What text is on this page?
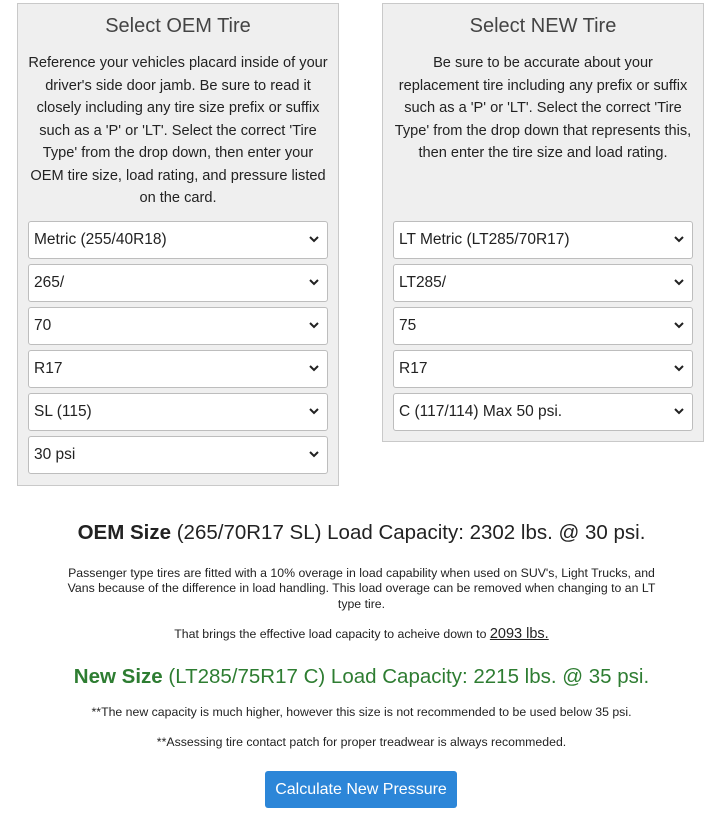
Select OEM Tire
Reference your vehicles placard inside of your driver's side door jamb. Be sure to read it closely including any tire size prefix or suffix such as a 'P' or 'LT'. Select the correct 'Tire Type' from the drop down, then enter your OEM tire size, load rating, and pressure listed on the card.
Metric (255/40R18)
265/
70
R17
SL (115)
30 psi
Select NEW Tire
Be sure to be accurate about your replacement tire including any prefix or suffix such as a 'P' or 'LT'. Select the correct 'Tire Type' from the drop down that represents this, then enter the tire size and load rating.
LT Metric (LT285/70R17)
LT285/
75
R17
C (117/114) Max 50 psi.
OEM Size (265/70R17 SL) Load Capacity: 2302 lbs. @ 30 psi.
Passenger type tires are fitted with a 10% overage in load capability when used on SUV's, Light Trucks, and Vans because of the difference in load handling. This load overage can be removed when changing to an LT type tire.
That brings the effective load capacity to acheive down to 2093 lbs.
New Size (LT285/75R17 C) Load Capacity: 2215 lbs. @ 35 psi.
**The new capacity is much higher, however this size is not recommended to be used below 35 psi.
**Assessing tire contact patch for proper treadwear is always recommeded.
Calculate New Pressure
